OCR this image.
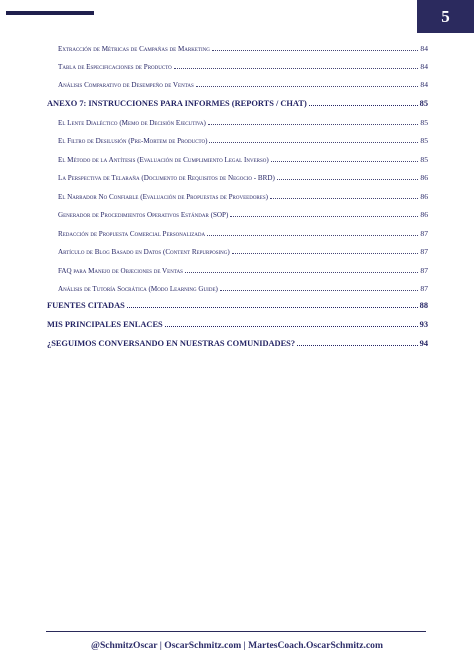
5
Extracción de Métricas de Campañas de Marketing	84
Tabla de Especificaciones de Producto	84
Análisis Comparativo de Desempeño de Ventas	84
ANEXO 7: INSTRUCCIONES PARA INFORMES (REPORTS / CHAT)	85
El Lente Dialéctico (Memo de Decisión Ejecutiva)	85
El Filtro de Desilusión (Pre-Mortem de Producto)	85
El Método de la Antítesis (Evaluación de Cumplimiento Legal Inverso)	85
La Perspectiva de Telaraña (Documento de Requisitos de Negocio - BRD)	86
El Narrador No Confiable (Evaluación de Propuestas de Proveedores)	86
Generador de Procedimientos Operativos Estándar (SOP)	86
Redacción de Propuesta Comercial Personalizada	87
Artículo de Blog Basado en Datos (Content Repurposing)	87
FAQ para Manejo de Objeciones de Ventas	87
Análisis de Tutoría Socrática (Modo Learning Guide)	87
FUENTES CITADAS	88
MIS PRINCIPALES ENLACES	93
¿SEGUIMOS CONVERSANDO EN NUESTRAS COMUNIDADES?	94
@SchmitzOscar | OscarSchmitz.com | MartesCoach.OscarSchmitz.com
